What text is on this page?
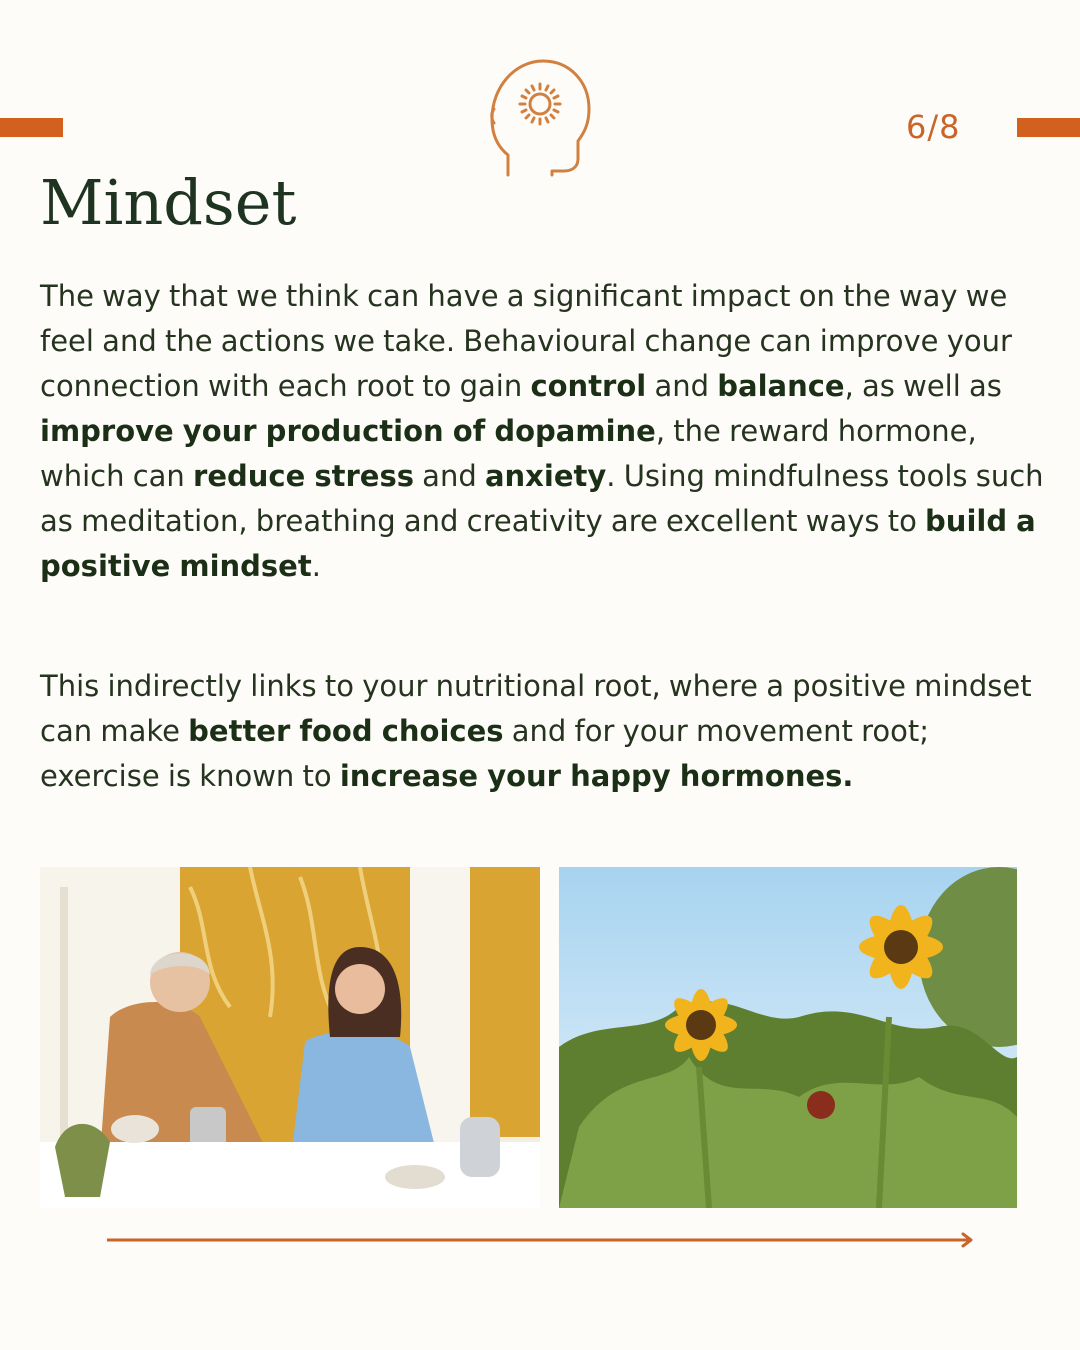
6/8
Mindset

The way that we think can have a significant impact on the way we feel and the actions we take. Behavioural change can improve your connection with each root to gain control and balance, as well as improve your production of dopamine, the reward hormone, which can reduce stress and anxiety. Using mindfulness tools such as meditation, breathing and creativity are excellent ways to build a positive mindset.

This indirectly links to your nutritional root, where a positive mindset can make better food choices and for your movement root; exercise is known to increase your happy hormones.
